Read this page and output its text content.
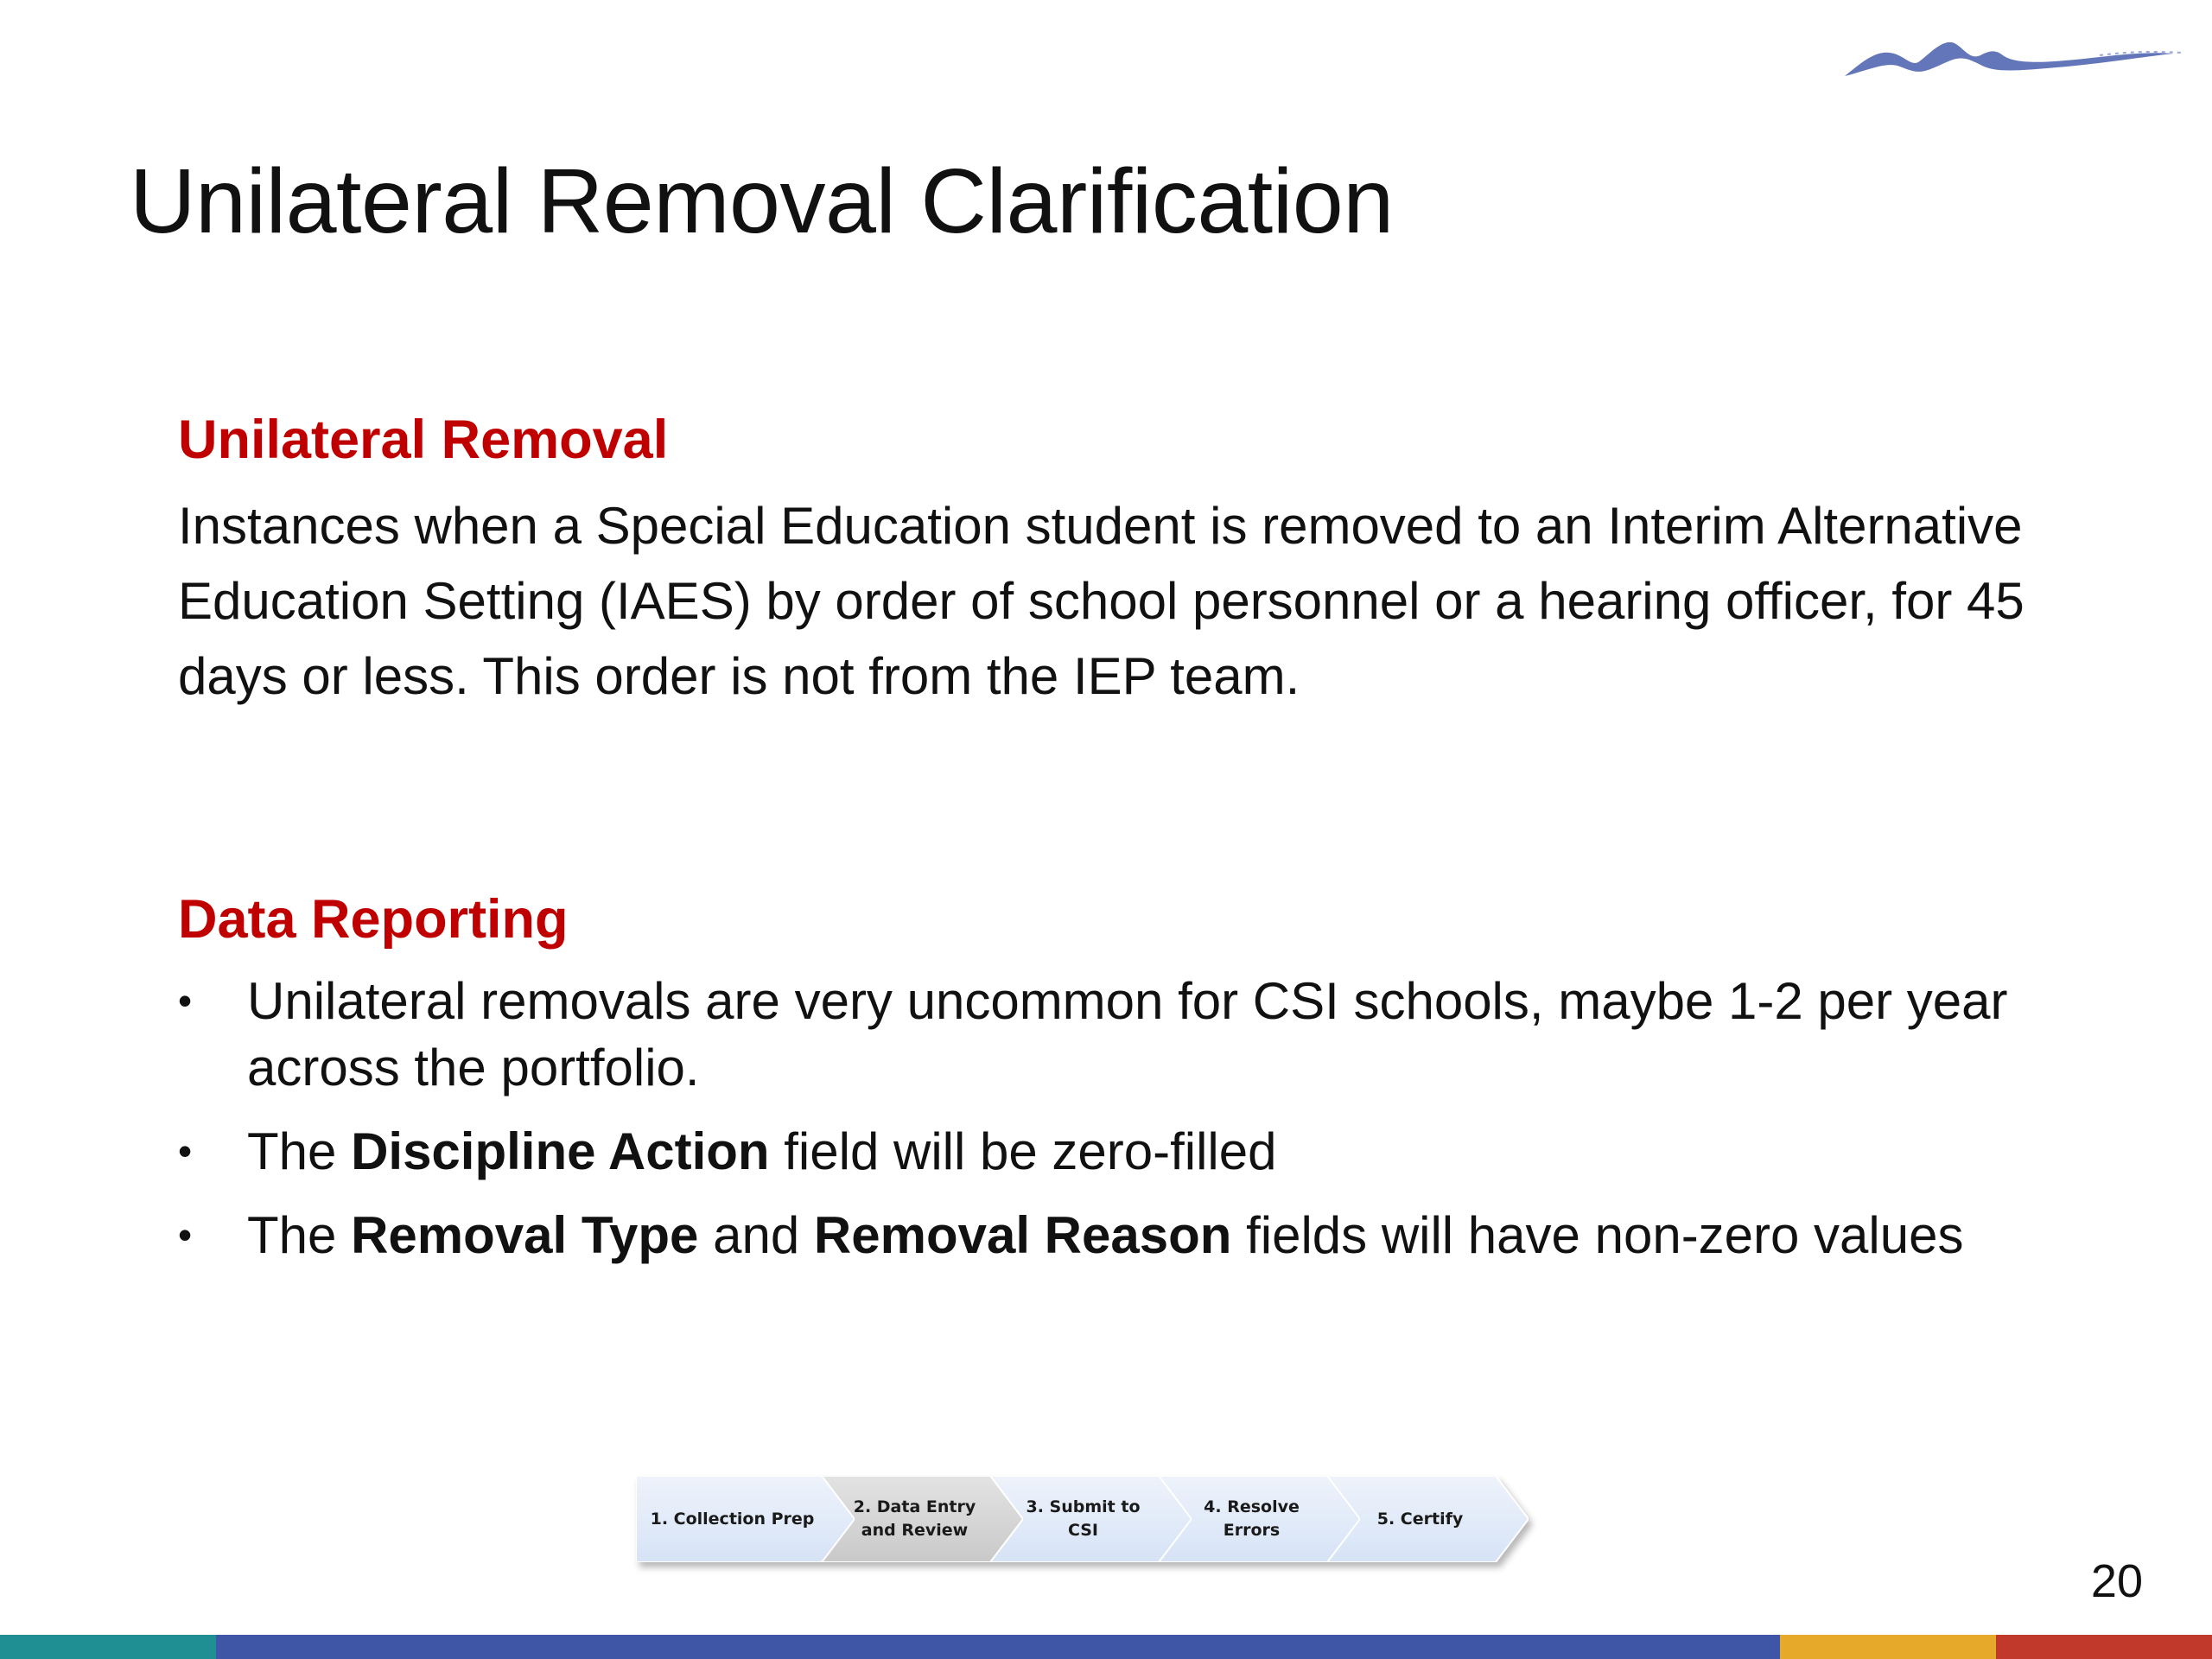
Unilateral Removal Clarification
Unilateral Removal

Instances when a Special Education student is removed to an Interim Alternative Education Setting (IAES) by order of school personnel or a hearing officer, for 45 days or less. This order is not from the IEP team.

Data Reporting
• Unilateral removals are very uncommon for CSI schools, maybe 1-2 per year across the portfolio.
• The Discipline Action field will be zero-filled
• The Removal Type and Removal Reason fields will have non-zero values
1. Collection Prep
2. Data Entry
and Review
3. Submit to
CSI
4. Resolve
Errors
5. Certify
20
